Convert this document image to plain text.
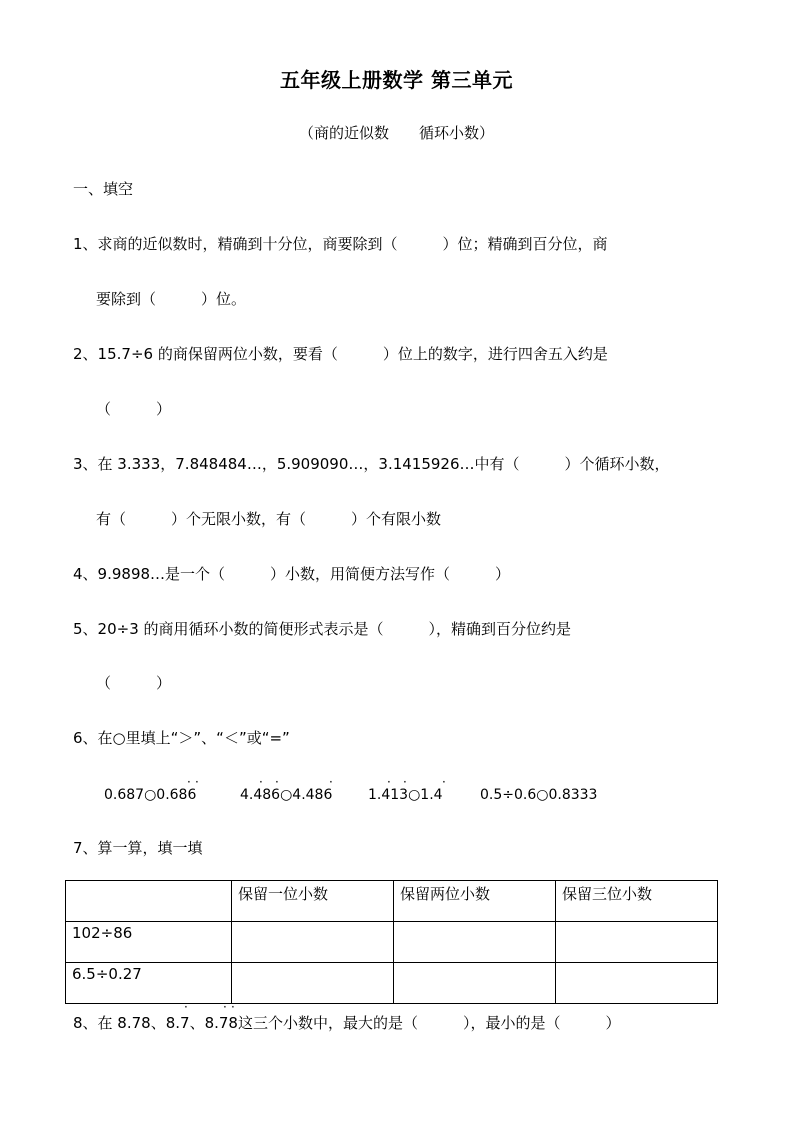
五年级上册数学 第三单元
（商的近似数　　循环小数）
一、填空
1、求商的近似数时，精确到十分位，商要除到（　　　）位；精确到百分位，商
要除到（　　　）位。
2、15.7÷6 的商保留两位小数，要看（　　　）位上的数字，进行四舍五入约是
（　　　）
3、在 3.333，7.848484…，5.909090…，3.1415926…中有（　　　）个循环小数，
有（　　　）个无限小数，有（　　　）个有限小数
4、9.9898…是一个（　　　）小数，用简便方法写作（　　　）
5、20÷3 的商用循环小数的简便形式表示是（　　　），精确到百分位约是
（　　　）
6、在○里填上“＞”、“＜”或“=”
0.687○0.686
· ·
4.486○4.486
· ·	·
1.413○1.4
· ·	·
0.5÷0.6○0.8333
7、算一算，填一填
	保留一位小数	保留两位小数	保留三位小数
102÷86			
6.5÷0.27			
8、在 8.78、8.7、8.78这三个小数中，最大的是（　　　），最小的是（　　　）
·	· ·
